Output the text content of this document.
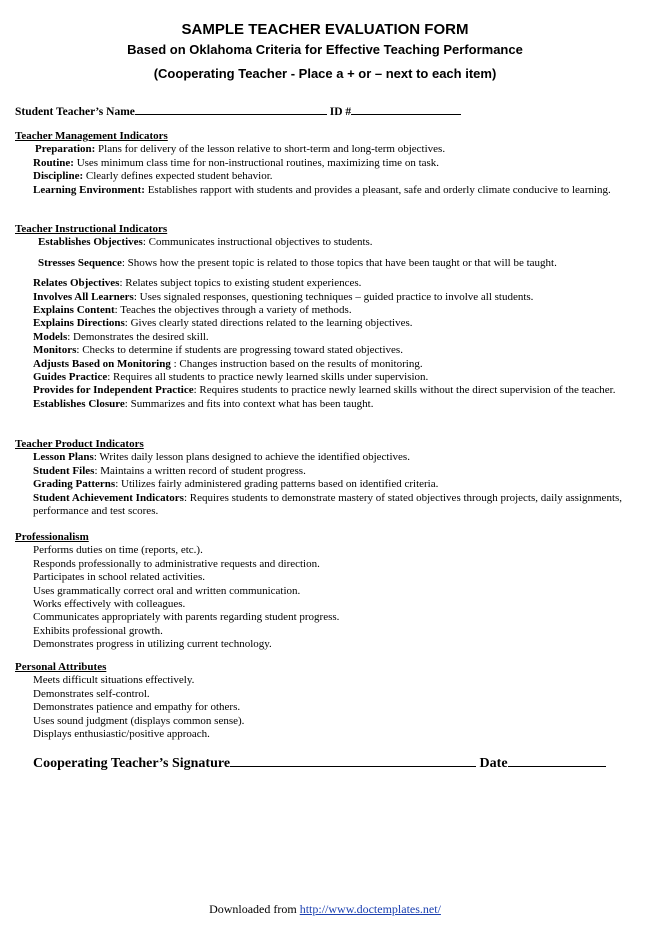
SAMPLE TEACHER EVALUATION FORM
Based on Oklahoma Criteria for Effective Teaching Performance
(Cooperating Teacher - Place a + or – next to each item)
Student Teacher’s Name	ID #
Teacher Management Indicators
Preparation: Plans for delivery of the lesson relative to short-term and long-term objectives.
Routine: Uses minimum class time for non-instructional routines, maximizing time on task.
Discipline: Clearly defines expected student behavior.
Learning Environment: Establishes rapport with students and provides a pleasant, safe and orderly climate conducive to learning.
Teacher Instructional Indicators
Establishes Objectives: Communicates instructional objectives to students.
Stresses Sequence: Shows how the present topic is related to those topics that have been taught or that will be taught.
Relates Objectives: Relates subject topics to existing student experiences.
Involves All Learners: Uses signaled responses, questioning techniques – guided practice to involve all students.
Explains Content: Teaches the objectives through a variety of methods.
Explains Directions: Gives clearly stated directions related to the learning objectives.
Models: Demonstrates the desired skill.
Monitors: Checks to determine if students are progressing toward stated objectives.
Adjusts Based on Monitoring : Changes instruction based on the results of monitoring.
Guides Practice: Requires all students to practice newly learned skills under supervision.
Provides for Independent Practice: Requires students to practice newly learned skills without the direct supervision of the teacher.
Establishes Closure: Summarizes and fits into context what has been taught.
Teacher Product Indicators
Lesson Plans: Writes daily lesson plans designed to achieve the identified objectives.
Student Files: Maintains a written record of student progress.
Grading Patterns: Utilizes fairly administered grading patterns based on identified criteria.
Student Achievement Indicators: Requires students to demonstrate mastery of stated objectives through projects, daily assignments, performance and test scores.
Professionalism
Performs duties on time (reports, etc.).
Responds professionally to administrative requests and direction.
Participates in school related activities.
Uses grammatically correct oral and written communication.
Works effectively with colleagues.
Communicates appropriately with parents regarding student progress.
Exhibits professional growth.
Demonstrates progress in utilizing current technology.
Personal Attributes
Meets difficult situations effectively.
Demonstrates self-control.
Demonstrates patience and empathy for others.
Uses sound judgment (displays common sense).
Displays enthusiastic/positive approach.
Cooperating Teacher’s Signature	Date
Downloaded from http://www.doctemplates.net/
